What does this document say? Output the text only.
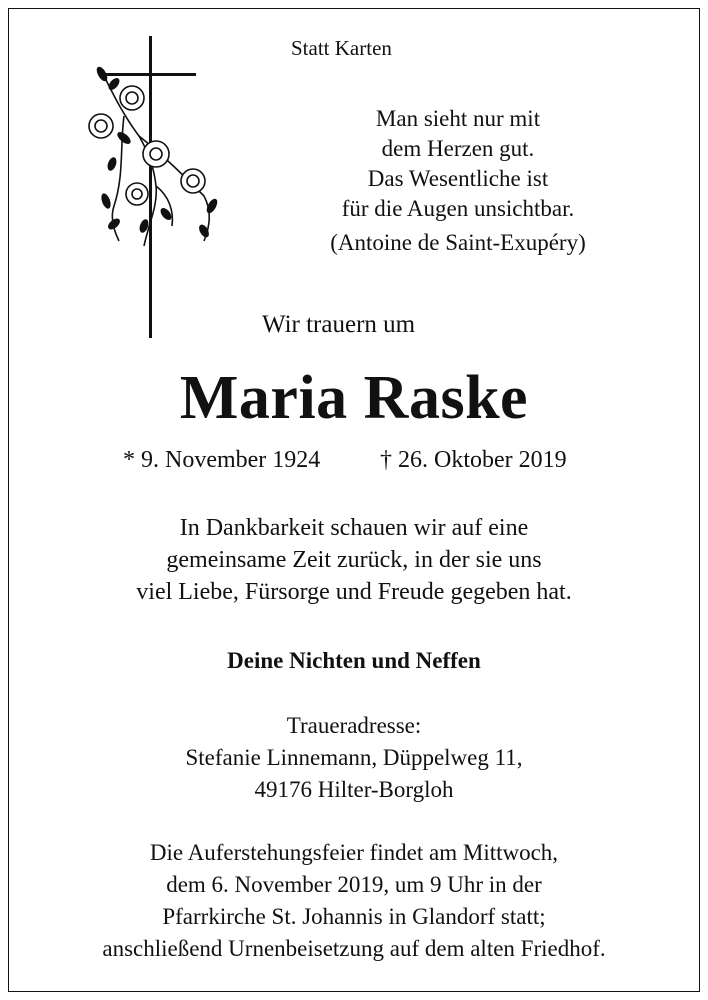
Statt Karten
Man sieht nur mit
dem Herzen gut.
Das Wesentliche ist
für die Augen unsichtbar.
(Antoine de Saint-Exupéry)
Wir trauern um
Maria Raske
* 9. November 1924 † 26. Oktober 2019
In Dankbarkeit schauen wir auf eine
gemeinsame Zeit zurück, in der sie uns
viel Liebe, Fürsorge und Freude gegeben hat.
Deine Nichten und Neffen
Traueradresse:
Stefanie Linnemann, Düppelweg 11,
49176 Hilter-Borgloh
Die Auferstehungsfeier findet am Mittwoch,
dem 6. November 2019, um 9 Uhr in der
Pfarrkirche St. Johannis in Glandorf statt;
anschließend Urnenbeisetzung auf dem alten Friedhof.
